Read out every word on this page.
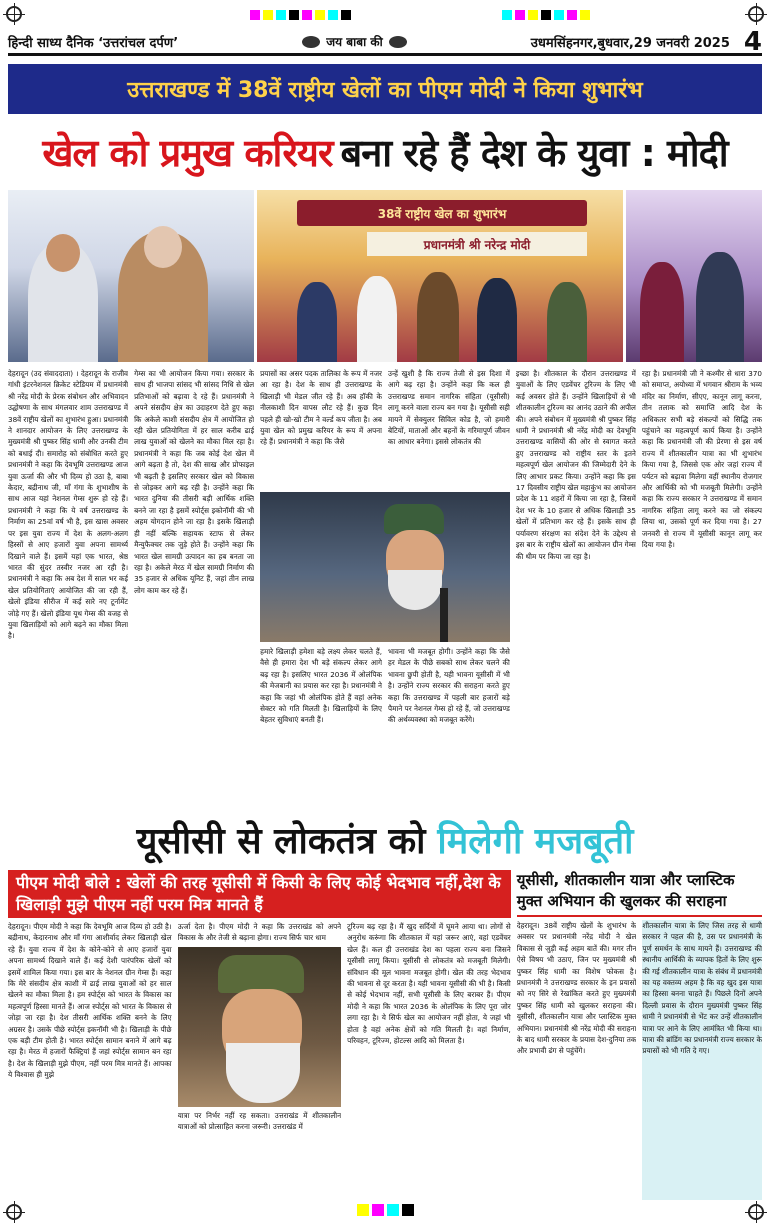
हिन्दी साध्य दैनिक ‘उत्तरांचल दर्पण’	जय बाबा की	उधमसिंहनगर,बुधवार,29 जनवरी 2025 4
उत्तराखण्ड में 38वें राष्ट्रीय खेलों का पीएम मोदी ने किया शुभारंभ
खेल को प्रमुख करियर बना रहे हैं देश के युवा : मोदी
38वें राष्ट्रीय खेल का शुभारंभ
प्रधानमंत्री श्री नरेन्द्र मोदी

देहरादून (उद संवाददाता) । देहरादून के राजीव गांधी इंटरनेशनल क्रिकेट स्टेडियम में प्रधानमंत्री श्री नरेंद्र मोदी के प्रेरक संबोधन और अभिवादन उद्घोषणा के साथ मंगलवार शाम उत्तराखण्ड में 38वें राष्ट्रीय खेलों का शुभारंभ हुआ। प्रधानमंत्री ने शानदार आयोजन के लिए उत्तराखण्ड के मुख्यमंत्री श्री पुष्कर सिंह धामी और उनकी टीम को बधाई दी। समारोह को संबोधित करते हुए प्रधानमंत्री ने कहा कि देवभूमि उत्तराखण्ड आज युवा ऊर्जा की और भी दिव्य हो उठा है, बाबा केदार, बद्रीनाथ जी, माँ गंगा के शुभाशीष के साथ आज यहां नेशनल गेम्स शुरू हो रहे हैं। प्रधानमंत्री ने कहा कि ये वर्ष उत्तराखण्ड के निर्माण का 25वां वर्ष भी है, इस खास अवसर पर इस युवा राज्य में देश के अलग-अलग हिस्सों से आए हजारों युवा अपना सामर्थ्य दिखाने वाले हैं। इसमें यहां एक भारत, श्रेष्ठ भारत की सुंदर तस्वीर नजर आ रही है। प्रधानमंत्री ने कहा कि अब देश में साल भर कई खेल प्रतियोगिताएं आयोजित की जा रही हैं, खेलो इंडिया सीरीज में कई सारे नए टूर्नामेंट जोड़े गए हैं। खेलो इंडिया यूथ गेम्स की वजह से युवा खिलाड़ियों को आगे बढ़ने का मौका मिला है।

गेम्स का भी आयोजन किया गया। सरकार के साथ ही भाजपा सांसद भी सांसद निधि से खेल प्रतिभाओं को बढ़ावा दे रहे हैं। प्रधानमंत्री ने अपने संसदीय क्षेत्र का उदाहरण देते हुए कहा कि अकेले काशी संसदीय क्षेत्र में आयोजित हो रही खेल प्रतियोगिता में हर साल करीब ढाई लाख युवाओं को खेलने का मौका मिल रहा है। प्रधानमंत्री ने कहा कि जब कोई देश खेल में आगे बढ़ता है तो, देश की साख और प्रोफाइल भी बढ़ती है इसलिए सरकार खेल को विकास से जोड़कर आगे बढ़ रही है। उन्होंने कहा कि भारत दुनिया की तीसरी बड़ी आर्थिक शक्ति बनने जा रहा है इसमें स्पोर्ट्स इकोनॉमी की भी अहम योगदान होने जा रहा है। इसके खिलाड़ी ही नहीं बल्कि सहायक स्टाफ से लेकर मैन्युफैक्चर तक जुड़े होते हैं। उन्होंने कहा कि भारत खेल सामग्री उत्पादन का हब बनता जा रहा है। अकेले मेरठ में खेल सामग्री निर्माण की 35 हजार से अधिक यूनिट हैं, जहां तीन लाख लोग काम कर रहे हैं।

प्रयासों का असर पदक तालिका के रूप में नजर आ रहा है। देश के साथ ही उत्तराखण्ड के खिलाड़ी भी मेडल जीत रहे हैं। अब हॉकी के नीलकाशी दिन वापस लौट रहे हैं। कुछ दिन पहले ही खो-खो टीम ने वर्ल्ड कप जीता है। अब युवा खेल को प्रमुख करियर के रूप में अपना रहे हैं। प्रधानमंत्री ने कहा कि जैसे

उन्हें खुशी है कि राज्य तेजी से इस दिशा में आगे बढ़ रहा है। उन्होंने कहा कि कल ही उत्तराखण्ड समान नागरिक संहिता (यूसीसी) लागू करने वाला राज्य बन गया है। यूसीसी सही मायने में सेक्युलर सिविल कोड है, जो हमारी बेटियों, माताओं और बहनों के गरिमापूर्ण जीवन का आधार बनेगा। इससे लोकतंत्र की

हमारे खिलाड़ी हमेशा बड़े लक्ष्य लेकर चलते हैं, वैसे ही हमारा देश भी बड़े संकल्प लेकर आगे बढ़ रहा है। इसलिए भारत 2036 में ओलंपिक की मेजबानी का प्रयास कर रहा है। प्रधानमंत्री ने कहा कि जहां भी ओलंपिक होते हैं वहां अनेक सेक्टर को गति मिलती है। खिलाड़ियों के लिए बेहतर सुविधाएं बनती हैं।

भावना भी मजबूत होगी। उन्होंने कहा कि जैसे हर मेडल के पीछे सबको साथ लेकर चलने की भावना छुपी होती है, यही भावना यूसीसी में भी है। उन्होंने राज्य सरकार की सराहना करते हुए कहा कि उत्तराखण्ड में पहली बार हजारों बड़े पैमाने पर नेशनल गेम्स हो रहे हैं, जो उत्तराखण्ड की अर्थव्यवस्था को मजबूत करेंगे।

इच्छा है। शीतकाल के दौरान उत्तराखण्ड में युवाओं के लिए एडवेंचर टूरिज्म के लिए भी कई अवसर होते हैं। उन्होंने खिलाड़ियों से भी शीतकालीन टूरिज्म का आनंद उठाने की अपील की। अपने संबोधन में मुख्यमंत्री श्री पुष्कर सिंह धामी ने प्रधानमंत्री श्री नरेंद्र मोदी का देवभूमि उत्तराखण्ड वासियों की ओर से स्वागत करते हुए उत्तराखण्ड को राष्ट्रीय स्तर के इतने महत्वपूर्ण खेल आयोजन की जिम्मेदारी देने के लिए आभार प्रकट किया। उन्होंने कहा कि इस 17 दिवसीय राष्ट्रीय खेल महाकुंभ का आयोजन प्रदेश के 11 शहरों में किया जा रहा है, जिसमें देश भर के 10 हजार से अधिक खिलाड़ी 35 खेलों में प्रतिभाग कर रहे हैं। इसके साथ ही पर्यावरण संरक्षण का संदेश देने के उद्देश्य से इस बार के राष्ट्रीय खेलों का आयोजन ग्रीन गेम्स की थीम पर किया जा रहा है।

रहा है। प्रधानमंत्री जी ने कश्मीर से धारा 370 को समाप्त, अयोध्या में भगवान श्रीराम के भव्य मंदिर का निर्माण, सीएए, कानून लागू करना, तीन तलाक को समाप्ति आदि देश के अधिकतर सभी बड़े संकल्पों को सिद्धि तक पहुंचाने का महत्वपूर्ण कार्य किया है। उन्होंने कहा कि प्रधानमंत्री जी की प्रेरणा से इस वर्ष राज्य में शीतकालीन यात्रा का भी शुभारंभ किया गया है, जिससे एक ओर जहां राज्य में पर्यटन को बढ़ावा मिलेगा वहीं स्थानीय रोजगार और आर्थिकी को भी मजबूती मिलेगी। उन्होंने कहा कि राज्य सरकार ने उत्तराखण्ड में समान नागरिक संहिता लागू करने का जो संकल्प लिया था, उसको पूर्ण कर दिया गया है। 27 जनवरी से राज्य में यूसीसी कानून लागू कर दिया गया है।

यूसीसी से लोकतंत्र को मिलेगी मजबूती
पीएम मोदी बोले : खेलों की तरह यूसीसी में किसी के लिए कोई भेदभाव नहीं,देश के खिलाड़ी मुझे पीएम नहीं परम मित्र मानते हैं

देहरादून। पीएम मोदी ने कहा कि देवभूमि आज दिव्य हो उठी है। बद्रीनाथ, केदारनाथ और माँ गंगा आशीर्वाद लेकर खिलाड़ी खेल रहे हैं। युवा राज्य में देश के कोने-कोने से आए हजारों युवा अपना सामर्थ्य दिखाने वाले हैं। कई देशी पारंपरिक खेलों को इसमें शामिल किया गया। इस बार के नेशनल ग्रीन गेम्स हैं। कहा कि मेरे संसदीय क्षेत्र काशी में ढाई लाख युवाओं को हर साल खेलने का मौका मिला है। हम स्पोर्ट्स को भारत के विकास का महत्वपूर्ण हिस्सा मानते हैं। आज स्पोर्ट्स को भारत के विकास से जोड़ा जा रहा है। देश तीसरी आर्थिक शक्ति बनने के लिए अग्रसर है। उसके पीछे स्पोर्ट्स इकनॉमी भी है। खिलाड़ी के पीछे एक बड़ी टीम होती है। भारत स्पोर्ट्स सामान बनाने में आगे बढ़ रहा है। मेरठ में हजारों फैक्ट्रियां हैं जहां स्पोर्ट्स सामान बन रहा है। देश के खिलाड़ी मुझे पीएम, नहीं परम मित्र मानते हैं। आपका ये विश्वास ही मुझे

ऊर्जा देता है। पीएम मोदी ने कहा कि उत्तराखंड को अपने विकास के और तेजी से बढ़ाना होगा। राज्य सिर्फ चार धाम

यात्रा पर निर्भर नहीं रह सकता। उत्तराखंड में शीतकालीन यात्राओं को प्रोत्साहित करना जरूरी। उत्तराखंड में

टूरिज्म बढ़ रहा है। मैं खुद सर्दियों में घूमने आया था। लोगों से अनुरोध करूंगा कि शीतकाल में यहां जरूर आएं, वहां एडवेंचर खेल हैं। कल ही उत्तराखंड देश का पहला राज्य बना जिसने यूसीसी लागू किया। यूसीसी से लोकतंत्र को मजबूती मिलेगी। संविधान की मूल भावना मजबूत होगी। खेल की तरह भेदभाव की भावना से दूर करता है। यही भावना यूसीसी की भी है। किसी से कोई भेदभाव नहीं, सभी यूसीसी के लिए बराबर हैं। पीएम मोदी ने कहा कि भारत 2036 के ओलंपिक के लिए पूरा जोर लगा रहा है। ये सिर्फ खेल का आयोजन नहीं होता, ये जहां भी होता है वहां अनेक क्षेत्रों को गति मिलती है। वहां निर्माण, परिवहन, टूरिज्म, होटल्स आदि को मिलता है।

यूसीसी, शीतकालीन यात्रा और प्लास्टिक मुक्त अभियान की खुलकर की सराहना

देहरादून। 38वें राष्ट्रीय खेलों के शुभारंभ के अवसर पर प्रधानमंत्री नरेंद्र मोदी ने खेल विकास से जुड़ी कई अहम बातें की। मगर तीन ऐसे विषय भी उठाए, जिन पर मुख्यमंत्री श्री पुष्कर सिंह धामी का विशेष फोकस है। प्रधानमंत्री ने उत्तराखण्ड सरकार के इन प्रयासों को नए सिरे से रेखांकित करते हुए मुख्यमंत्री पुष्कर सिंह धामी को खुलकर सराहना की। यूसीसी, शीतकालीन यात्रा और प्लास्टिक मुक्त अभियान। प्रधानमंत्री श्री नरेंद्र मोदी की सराहना के बाद धामी सरकार के प्रयास देश-दुनिया तक और प्रभावी ढंग से पहुंचेंगे।

शीतकालीन यात्रा के लिए जिस तरह से धामी सरकार ने पहल की है, उस पर प्रधानमंत्री के पूर्ण समर्थन के साथ मायने हैं। उत्तराखण्ड की स्थानीय आर्थिकी के व्यापक हितों के लिए शुरू की गई शीतकालीन यात्रा के संबंध में प्रधानमंत्री का यह वक्तव्य अहम है कि वह खुद इस यात्रा का हिस्सा बनना चाहते हैं। पिछले दिनों अपने दिल्ली प्रवास के दौरान मुख्यमंत्री पुष्कर सिंह धामी ने प्रधानमंत्री से भेंट कर उन्हें शीतकालीन यात्रा पर आने के लिए आमंत्रित भी किया था। यात्रा की ब्रांडिंग का प्रधानमंत्री राज्य सरकार के प्रयासों को भी गति दे गए।
